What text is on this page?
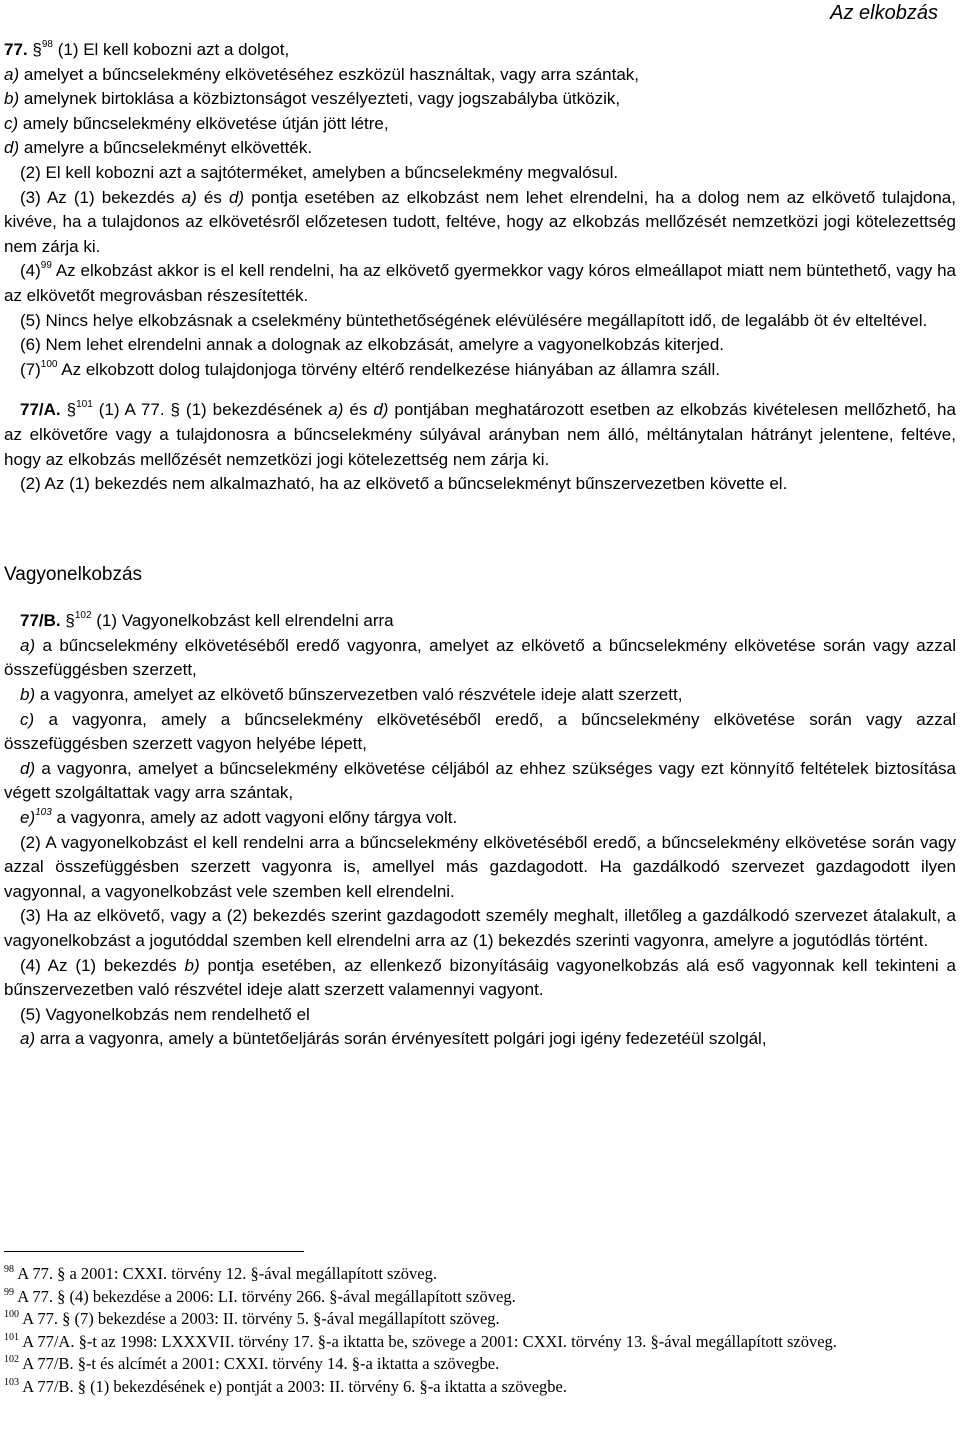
Az elkobzás

77. §$^{98}$ (1) El kell kobozni azt a dolgot,

a) amelyet a bűncselekmény elkövetéséhez eszközül használtak, vagy arra szántak,

b) amelynek birtoklása a közbiztonságot veszélyezteti, vagy jogszabályba ütközik,

c) amely bűncselekmény elkövetése útján jött létre,

d) amelyre a bűncselekményt elkövették.

(2) El kell kobozni azt a sajtóterméket, amelyben a bűncselekmény megvalósul.

(3) Az (1) bekezdés a) és d) pontja esetében az elkobzást nem lehet elrendelni, ha a dolog nem az elkövető tulajdona, kivéve, ha a tulajdonos az elkövetésről előzetesen tudott, feltéve, hogy az elkobzás mellőzését nemzetközi jogi kötelezettség nem zárja ki.

$(4)^{99}$ Az elkobzást akkor is el kell rendelni, ha az elkövető gyermekkor vagy kóros elmeállapot miatt nem büntethető, vagy ha az elkövetőt megrovásban részesítették.

(5) Nincs helye elkobzásnak a cselekmény büntethetőségének elévülésére megállapított idő, de legalább öt év elteltével.

(6) Nem lehet elrendelni annak a dolognak az elkobzását, amelyre a vagyonelkobzás kiterjed.

$(7)^{100}$ Az elkobzott dolog tulajdonjoga törvény eltérő rendelkezése hiányában az államra száll.

77/A. §$^{101}$ (1) A 77. § (1) bekezdésének a) és d) pontjában meghatározott esetben az elkobzás kivételesen mellőzhető, ha az elkövetőre vagy a tulajdonosra a bűncselekmény súlyával arányban nem álló, méltánytalan hátrányt jelentene, feltéve, hogy az elkobzás mellőzését nemzetközi jogi kötelezettség nem zárja ki.

(2) Az (1) bekezdés nem alkalmazható, ha az elkövető a bűncselekményt bűnszervezetben követte el.

Vagyonelkobzás

77/B. §$^{102}$ (1) Vagyonelkobzást kell elrendelni arra

a) a bűncselekmény elkövetéséből eredő vagyonra, amelyet az elkövető a bűncselekmény elkövetése során vagy azzal összefüggésben szerzett,

b) a vagyonra, amelyet az elkövető bűnszervezetben való részvétele ideje alatt szerzett,

c) a vagyonra, amely a bűncselekmény elkövetéséből eredő, a bűncselekmény elkövetése során vagy azzal összefüggésben szerzett vagyon helyébe lépett,

d) a vagyonra, amelyet a bűncselekmény elkövetése céljából az ehhez szükséges vagy ezt könnyítő feltételek biztosítása végett szolgáltattak vagy arra szántak,

e)$^{103}$ a vagyonra, amely az adott vagyoni előny tárgya volt.

(2) A vagyonelkobzást el kell rendelni arra a bűncselekmény elkövetéséből eredő, a bűncselekmény elkövetése során vagy azzal összefüggésben szerzett vagyonra is, amellyel más gazdagodott. Ha gazdálkodó szervezet gazdagodott ilyen vagyonnal, a vagyonelkobzást vele szemben kell elrendelni.

(3) Ha az elkövető, vagy a (2) bekezdés szerint gazdagodott személy meghalt, illetőleg a gazdálkodó szervezet átalakult, a vagyonelkobzást a jogutóddal szemben kell elrendelni arra az (1) bekezdés szerinti vagyonra, amelyre a jogutódlás történt.

(4) Az (1) bekezdés b) pontja esetében, az ellenkező bizonyításáig vagyonelkobzás alá eső vagyonnak kell tekinteni a bűnszervezetben való részvétel ideje alatt szerzett valamennyi vagyont.

(5) Vagyonelkobzás nem rendelhető el

a) arra a vagyonra, amely a büntetőeljárás során érvényesített polgári jogi igény fedezetéül szolgál,

$^{98}$ A 77. § a 2001: CXXI. törvény 12. §-ával megállapított szöveg.

$^{99}$ A 77. § (4) bekezdése a 2006: LI. törvény 266. §-ával megállapított szöveg.

$^{100}$ A 77. § (7) bekezdése a 2003: II. törvény 5. §-ával megállapított szöveg.

$^{101}$ A 77/A. §-t az 1998: LXXXVII. törvény 17. §-a iktatta be, szövege a 2001: CXXI. törvény 13. §-ával megállapított szöveg.

$^{102}$ A 77/B. §-t és alcímét a 2001: CXXI. törvény 14. §-a iktatta a szövegbe.

$^{103}$ A 77/B. § (1) bekezdésének e) pontját a 2003: II. törvény 6. §-a iktatta a szövegbe.
